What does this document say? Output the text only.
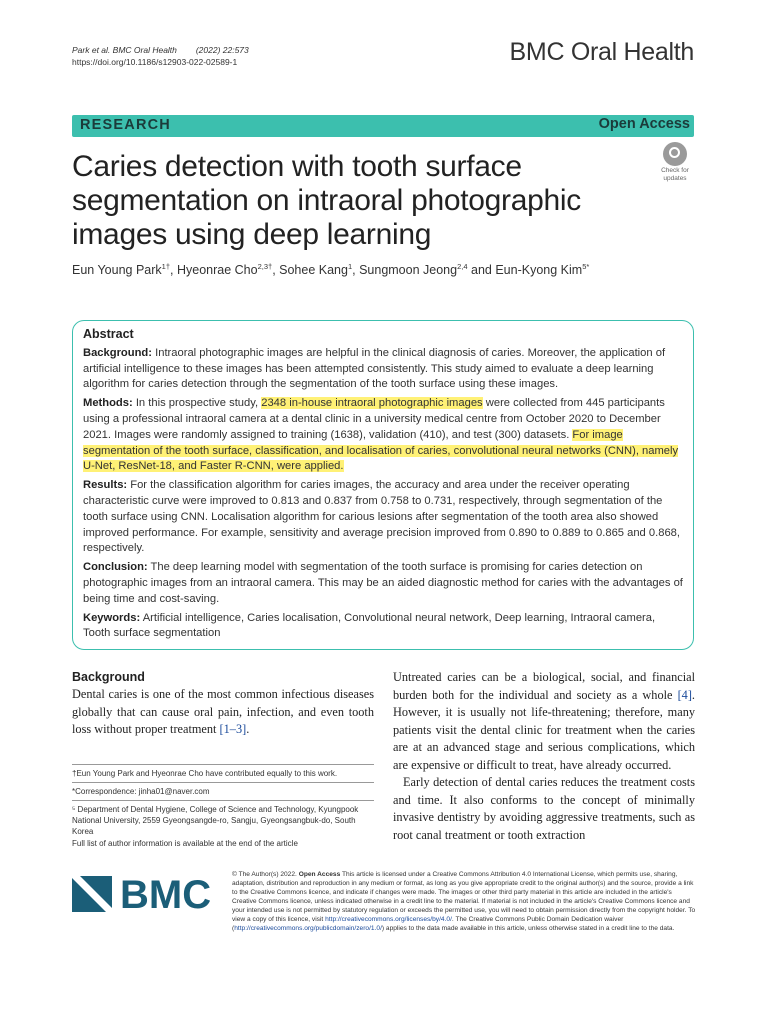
Park et al. BMC Oral Health (2022) 22:573
https://doi.org/10.1186/s12903-022-02589-1	BMC Oral Health
RESEARCH	Open Access
Caries detection with tooth surface segmentation on intraoral photographic images using deep learning
Check for
updates
Eun Young Park$^{1\dagger}$, Hyeonrae Cho$^{2,3\dagger}$, Sohee Kang$^1$, Sungmoon Jeong$^{2,4}$ and Eun-Kyong Kim$^{5*}$
Abstract

Background: Intraoral photographic images are helpful in the clinical diagnosis of caries. Moreover, the application of artificial intelligence to these images has been attempted consistently. This study aimed to evaluate a deep learning algorithm for caries detection through the segmentation of the tooth surface using these images.

Methods: In this prospective study, 2348 in-house intraoral photographic images were collected from 445 participants using a professional intraoral camera at a dental clinic in a university medical centre from October 2020 to December 2021. Images were randomly assigned to training (1638), validation (410), and test (300) datasets. For image segmentation of the tooth surface, classification, and localisation of caries, convolutional neural networks (CNN), namely U-Net, ResNet-18, and Faster R-CNN, were applied.

Results: For the classification algorithm for caries images, the accuracy and area under the receiver operating characteristic curve were improved to 0.813 and 0.837 from 0.758 to 0.731, respectively, through segmentation of the tooth surface using CNN. Localisation algorithm for carious lesions after segmentation of the tooth area also showed improved performance. For example, sensitivity and average precision improved from 0.890 to 0.889 to 0.865 and 0.868, respectively.

Conclusion: The deep learning model with segmentation of the tooth surface is promising for caries detection on photographic images from an intraoral camera. This may be an aided diagnostic method for caries with the advantages of being time and cost-saving.

Keywords: Artificial intelligence, Caries localisation, Convolutional neural network, Deep learning, Intraoral camera, Tooth surface segmentation

Background
Dental caries is one of the most common infectious diseases globally that can cause oral pain, infection, and even tooth loss without proper treatment [1–3].

Untreated caries can be a biological, social, and financial burden both for the individual and society as a whole [4]. However, it is usually not life-threatening; therefore, many patients visit the dental clinic for treatment when the caries are at an advanced stage and serious complications, which are expensive or difficult to treat, have already occurred.

Early detection of dental caries reduces the treatment costs and time. It also conforms to the concept of minimally invasive dentistry by avoiding aggressive treatments, such as root canal treatment or tooth extraction

†Eun Young Park and Hyeonrae Cho have contributed equally to this work.
*Correspondence: jinha01@naver.com
⁵ Department of Dental Hygiene, College of Science and Technology, Kyungpook National University, 2559 Gyeongsangde-ro, Sangju, Gyeongsangbuk-do, South Korea
Full list of author information is available at the end of the article
BMC	© The Author(s) 2022. Open Access This article is licensed under a Creative Commons Attribution 4.0 International License, which permits use, sharing, adaptation, distribution and reproduction in any medium or format, as long as you give appropriate credit to the original author(s) and the source, provide a link to the Creative Commons licence, and indicate if changes were made. The images or other third party material in this article are included in the article's Creative Commons licence, unless indicated otherwise in a credit line to the material. If material is not included in the article's Creative Commons licence and your intended use is not permitted by statutory regulation or exceeds the permitted use, you will need to obtain permission directly from the copyright holder. To view a copy of this licence, visit http://creativecommons.org/licenses/by/4.0/. The Creative Commons Public Domain Dedication waiver (http://creativecommons.org/publicdomain/zero/1.0/) applies to the data made available in this article, unless otherwise stated in a credit line to the data.
